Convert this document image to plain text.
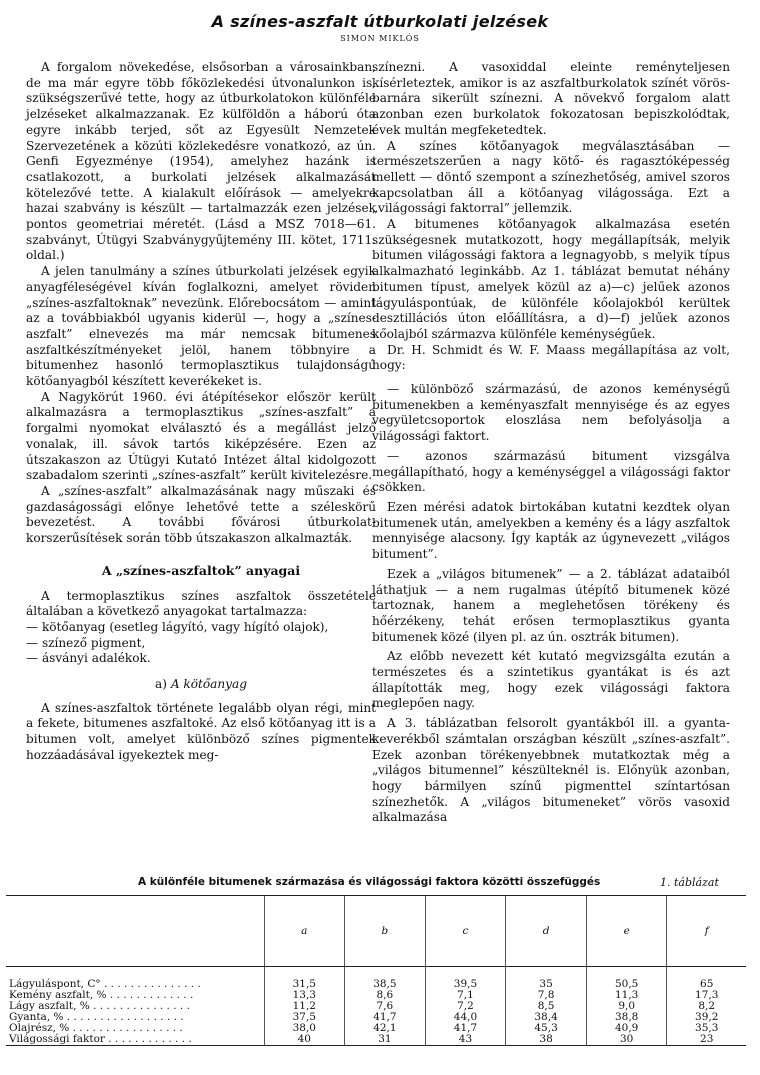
A színes-aszfalt útburkolati jelzések
SIMON MIKLÓS

A forgalom növekedése, elsősorban a városainkban, de ma már egyre több főközlekedési útvonalunkon is, szükségszerűvé tette, hogy az útburkolatokon különféle jelzéseket alkalmazzanak. Ez külföldön a háború óta egyre inkább terjed, sőt az Egyesült Nemzetek Szervezetének a közúti közlekedésre vonatkozó, az ún. Genfi Egyezménye (1954), amelyhez hazánk is csatlakozott, a burkolati jelzések alkalmazását kötelezővé tette. A kialakult előírások — amelyekre hazai szabvány is készült — tartalmazzák ezen jelzések pontos geometriai méretét. (Lásd a MSZ 7018—61. szabványt, Útügyi Szabványgyűjtemény III. kötet, 1711. oldal.)

A jelen tanulmány a színes útburkolati jelzések egyik anyagféleségével kíván foglalkozni, amelyet röviden „színes-aszfaltoknak” nevezünk. Előrebocsátom — amint az a továbbiakból ugyanis kiderül —, hogy a „színes-aszfalt” elnevezés ma már nemcsak bitumenes aszfaltkészítményeket jelöl, hanem többnyire a bitumenhez hasonló termoplasztikus tulajdonságú kötőanyagból készített keverékeket is.

A Nagykörút 1960. évi átépítésekor először került alkalmazásra a termoplasztikus „színes-aszfalt” a forgalmi nyomokat elválasztó és a megállást jelző vonalak, ill. sávok tartós kiképzésére. Ezen az útszakaszon az Útügyi Kutató Intézet által kidolgozott szabadalom szerinti „színes-aszfalt” került kivitelezésre.

A „színes-aszfalt” alkalmazásának nagy műszaki és gazdaságossági előnye lehetővé tette a széleskörű bevezetést. A további fővárosi útburkolat-korszerűsítések során több útszakaszon alkalmazták.

A „színes-aszfaltok” anyagai

A termoplasztikus színes aszfaltok összetétele általában a következő anyagokat tartalmazza:

— kötőanyag (esetleg lágyító, vagy hígító olajok),
— színező pigment,
— ásványi adalékok.
a) A kötőanyag

A színes-aszfaltok története legalább olyan régi, mint a fekete, bitumenes aszfaltoké. Az első kötőanyag itt is a bitumen volt, amelyet különböző színes pigmentek hozzáadásával igyekeztek meg-

színezni. A vasoxiddal eleinte reményteljesen kísérleteztek, amikor is az aszfaltburkolatok színét vörös-barnára sikerült színezni. A növekvő forgalom alatt azonban ezen burkolatok fokozatosan bepiszkolódtak, évek multán megfeketedtek.

A színes kötőanyagok megválasztásában — természetszerűen a nagy kötő- és ragasztóképesség mellett — döntő szempont a színezhetőség, amivel szoros kapcsolatban áll a kötőanyag világossága. Ezt a „világossági faktorral” jellemzik.

A bitumenes kötőanyagok alkalmazása esetén szükségesnek mutatkozott, hogy megállapítsák, melyik bitumen világossági faktora a legnagyobb, s melyik típus alkalmazható leginkább. Az 1. táblázat bemutat néhány bitumen típust, amelyek közül az a)—c) jelűek azonos lágyuláspontúak, de különféle kőolajokból kerültek desztillációs úton előállításra, a d)—f) jelűek azonos kőolajból származva különféle keménységűek.

Dr. H. Schmidt és W. F. Maass megállapítása az volt, hogy:

— különböző származású, de azonos keménységű bitumenekben a keményaszfalt mennyisége és az egyes vegyületcsoportok eloszlása nem befolyásolja a világossági faktort.

— azonos származású bitument vizsgálva megállapítható, hogy a keménységgel a világossági faktor csökken.

Ezen mérési adatok birtokában kutatni kezdtek olyan bitumenek után, amelyekben a kemény és a lágy aszfaltok mennyisége alacsony. Így kapták az úgynevezett „világos bitument”.

Ezek a „világos bitumenek” — a 2. táblázat adataiból láthatjuk — a nem rugalmas útépítő bitumenek közé tartoznak, hanem a meglehetősen törékeny és hőérzékeny, tehát erősen termoplasztikus gyanta bitumenek közé (ilyen pl. az ún. osztrák bitumen).

Az előbb nevezett két kutató megvizsgálta ezután a természetes és a szintetikus gyantákat is és azt állapították meg, hogy ezek világossági faktora meglepően nagy.

A 3. táblázatban felsorolt gyantákból ill. a gyanta-keverékből számtalan országban készült „színes-aszfalt”. Ezek azonban törékenyebbnek mutatkoztak még a „világos bitumennel” készülteknél is. Előnyük azonban, hogy bármilyen színű pigmenttel színtartósan színezhetők. A „világos bitumeneket” vörös vasoxid alkalmazása

A különféle bitumenek származása és világossági faktora közötti összefüggés	1. táblázat
	a	b	c	d	e	f
Lágyuláspont, C° . . . . . . . . . . . . . . .	31,5	38,5	39,5	35	50,5	65
Kemény aszfalt, % . . . . . . . . . . . . .	13,3	8,6	7,1	7,8	11,3	17,3
Lágy aszfalt, % . . . . . . . . . . . . . . .	11,2	7,6	7,2	8,5	9,0	8,2
Gyanta, % . . . . . . . . . . . . . . . . . .	37,5	41,7	44,0	38,4	38,8	39,2
Olajrész, % . . . . . . . . . . . . . . . . .	38,0	42,1	41,7	45,3	40,9	35,3
Világossági faktor . . . . . . . . . . . . .	40	31	43	38	30	23
